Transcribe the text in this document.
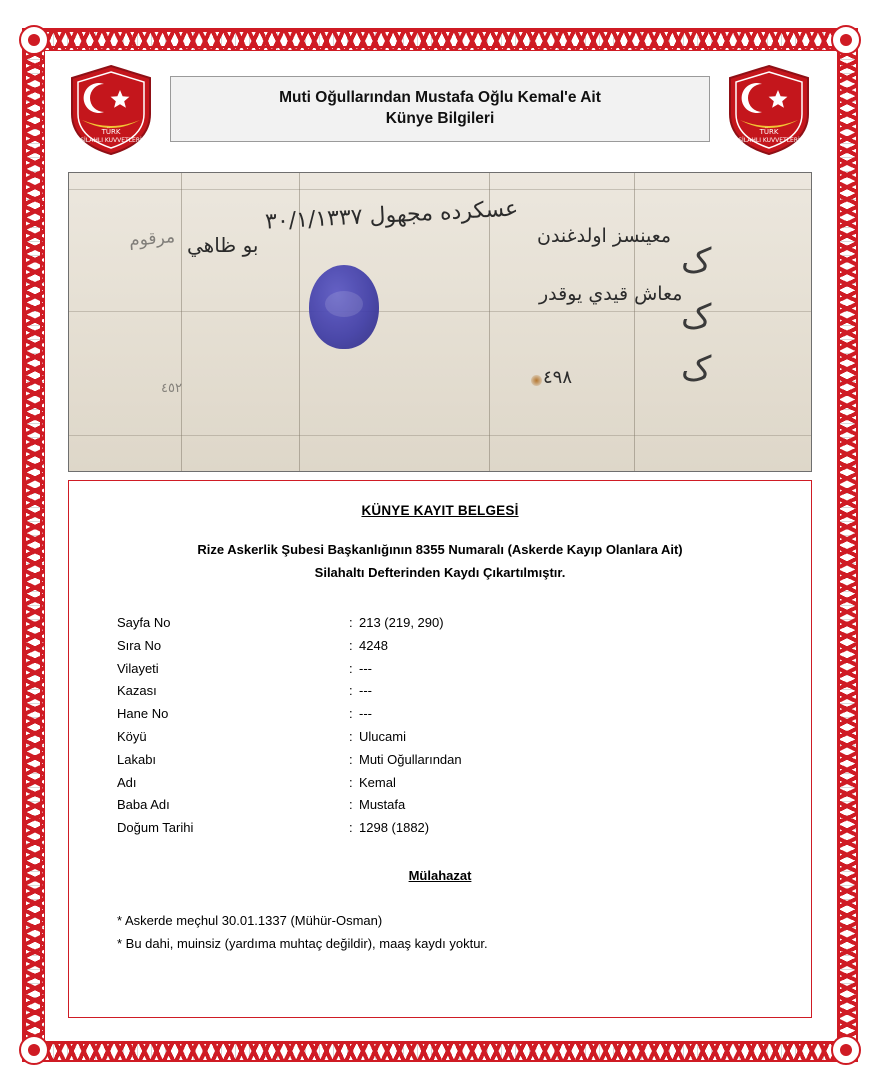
TÜRK
SİLAHLI KUVVETLERİ
Muti Oğullarından Mustafa Oğlu Kemal'e Ait
Künye Bilgileri
TÜRK
SİLAHLI KUVVETLERİ
عسكرده مجهول ٣٠/١/١٣٣٧
بو ظاهي	معینسز اولدغندن
معاش قيدي يوقدر
مرقوم
ک
ک
ک
٤٩٨
٤٥٢
KÜNYE KAYIT BELGESİ
Rize Askerlik Şubesi Başkanlığının 8355 Numaralı (Askerde Kayıp Olanlara Ait)
Silahaltı Defterinden Kaydı Çıkartılmıştır.
Sayfa No	: 213 (219, 290)
Sıra No	: 4248
Vilayeti	: ---
Kazası	: ---
Hane No	: ---
Köyü	: Ulucami
Lakabı	: Muti Oğullarından
Adı	: Kemal
Baba Adı	: Mustafa
Doğum Tarihi	: 1298 (1882)
Mülahazat
* Askerde meçhul 30.01.1337 (Mühür-Osman)
* Bu dahi, muinsiz (yardıma muhtaç değildir), maaş kaydı yoktur.
